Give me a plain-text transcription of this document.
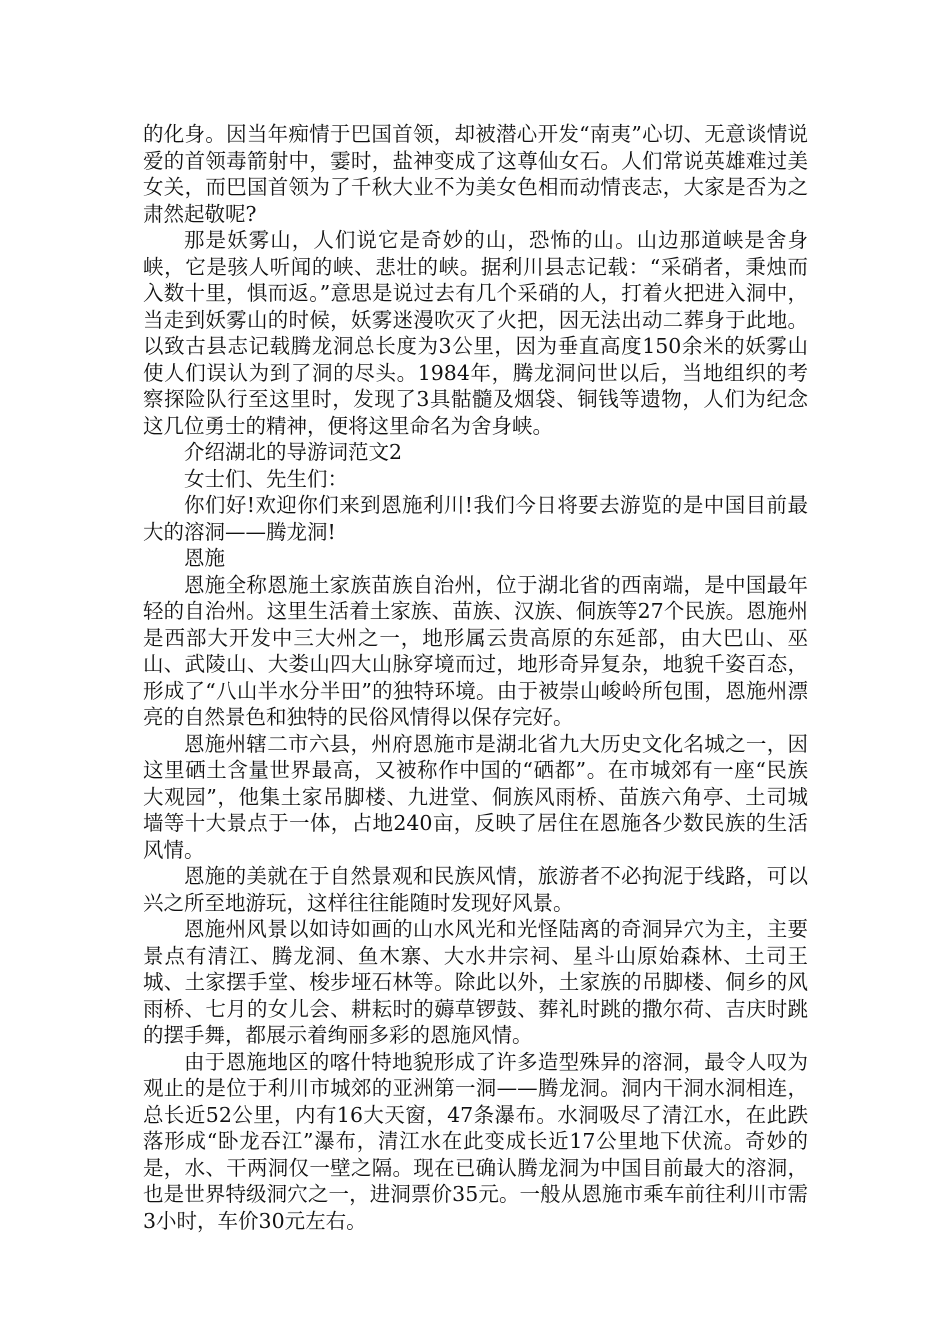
的化身。因当年痴情于巴国首领，却被潜心开发“南夷”心切、无意谈情说爱的首领毒箭射中，霎时，盐神变成了这尊仙女石。人们常说英雄难过美女关，而巴国首领为了千秋大业不为美女色相而动情丧志，大家是否为之肃然起敬呢?

那是妖雾山，人们说它是奇妙的山，恐怖的山。山边那道峡是舍身峡，它是骇人听闻的峡、悲壮的峡。据利川县志记载：“采硝者，秉烛而入数十里，惧而返。”意思是说过去有几个采硝的人，打着火把进入洞中，当走到妖雾山的时候，妖雾迷漫吹灭了火把，因无法出动二葬身于此地。以致古县志记载腾龙洞总长度为3公里，因为垂直高度150余米的妖雾山使人们误认为到了洞的尽头。1984年，腾龙洞问世以后，当地组织的考察探险队行至这里时，发现了3具骷髓及烟袋、铜钱等遗物，人们为纪念这几位勇士的精神，便将这里命名为舍身峡。

介绍湖北的导游词范文2

女士们、先生们：

你们好!欢迎你们来到恩施利川!我们今日将要去游览的是中国目前最大的溶洞——腾龙洞!

恩施

恩施全称恩施土家族苗族自治州，位于湖北省的西南端，是中国最年轻的自治州。这里生活着土家族、苗族、汉族、侗族等27个民族。恩施州是西部大开发中三大州之一，地形属云贵高原的东延部，由大巴山、巫山、武陵山、大娄山四大山脉穿境而过，地形奇异复杂，地貌千姿百态，形成了“八山半水分半田”的独特环境。由于被崇山峻岭所包围，恩施州漂亮的自然景色和独特的民俗风情得以保存完好。

恩施州辖二市六县，州府恩施市是湖北省九大历史文化名城之一，因这里硒土含量世界最高，又被称作中国的“硒都”。在市城郊有一座“民族大观园”，他集土家吊脚楼、九进堂、侗族风雨桥、苗族六角亭、土司城墙等十大景点于一体，占地240亩，反映了居住在恩施各少数民族的生活风情。

恩施的美就在于自然景观和民族风情，旅游者不必拘泥于线路，可以兴之所至地游玩，这样往往能随时发现好风景。

恩施州风景以如诗如画的山水风光和光怪陆离的奇洞异穴为主，主要景点有清江、腾龙洞、鱼木寨、大水井宗祠、星斗山原始森林、土司王城、土家摆手堂、梭步垭石林等。除此以外，土家族的吊脚楼、侗乡的风雨桥、七月的女儿会、耕耘时的薅草锣鼓、葬礼时跳的撒尔荷、吉庆时跳的摆手舞，都展示着绚丽多彩的恩施风情。

由于恩施地区的喀什特地貌形成了许多造型殊异的溶洞，最令人叹为观止的是位于利川市城郊的亚洲第一洞——腾龙洞。洞内干洞水洞相连，总长近52公里，内有16大天窗，47条瀑布。水洞吸尽了清江水，在此跌落形成“卧龙吞江”瀑布，清江水在此变成长近17公里地下伏流。奇妙的是，水、干两洞仅一壁之隔。现在已确认腾龙洞为中国目前最大的溶洞，也是世界特级洞穴之一，进洞票价35元。一般从恩施市乘车前往利川市需3小时，车价30元左右。
